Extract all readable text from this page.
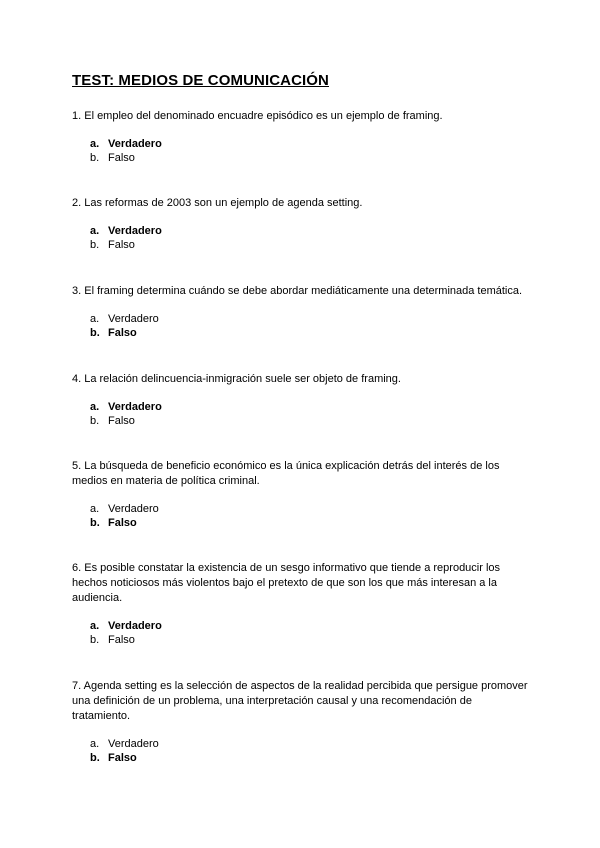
TEST: MEDIOS DE COMUNICACIÓN

1. El empleo del denominado encuadre episódico es un ejemplo de framing.

a. Verdadero
b. Falso

2. Las reformas de 2003 son un ejemplo de agenda setting.

a. Verdadero
b. Falso

3. El framing determina cuándo se debe abordar mediáticamente una determinada temática.

a. Verdadero
b. Falso

4. La relación delincuencia-inmigración suele ser objeto de framing.

a. Verdadero
b. Falso

5. La búsqueda de beneficio económico es la única explicación detrás del interés de los medios en materia de política criminal.

a. Verdadero
b. Falso

6. Es posible constatar la existencia de un sesgo informativo que tiende a reproducir los hechos noticiosos más violentos bajo el pretexto de que son los que más interesan a la audiencia.

a. Verdadero
b. Falso

7. Agenda setting es la selección de aspectos de la realidad percibida que persigue promover una definición de un problema, una interpretación causal y una recomendación de tratamiento.

a. Verdadero
b. Falso
